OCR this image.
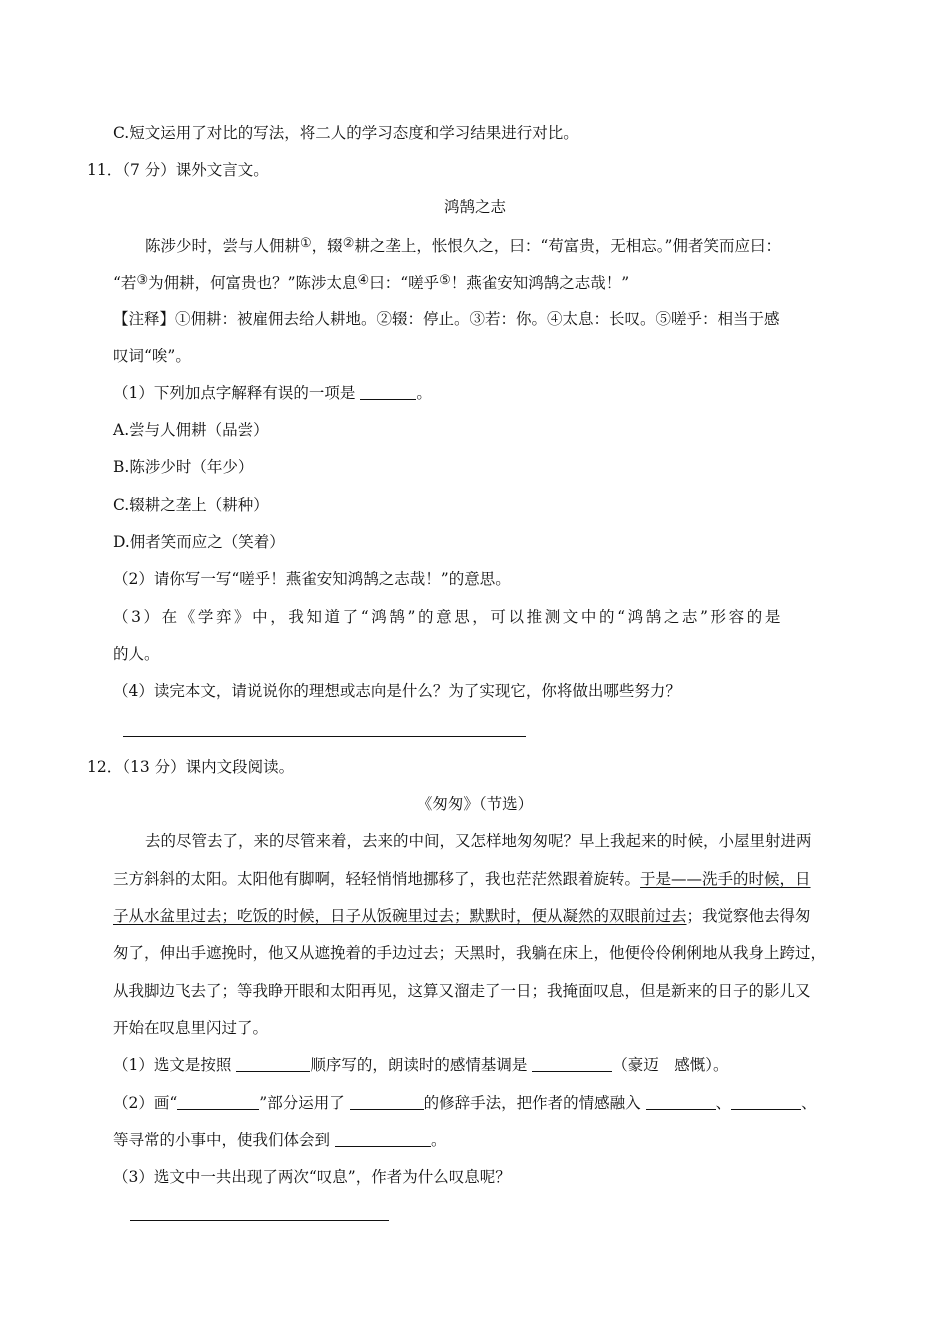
C.短文运用了对比的写法，将二人的学习态度和学习结果进行对比。
11．（7 分）课外文言文。
鸿鹄之志
陈涉少时，尝与人佣耕①，辍②耕之垄上，怅恨久之，曰：“苟富贵，无相忘。”佣者笑而应曰：
“若③为佣耕，何富贵也？”陈涉太息④曰：“嗟乎⑤！燕雀安知鸿鹄之志哉！”
【注释】①佣耕：被雇佣去给人耕地。②辍：停止。③若：你。④太息：长叹。⑤嗟乎：相当于感
叹词“唉”。
（1）下列加点字解释有误的一项是	。
A.尝与人佣耕（品尝）
B.陈涉少时（年少）
C.辍耕之垄上（耕种）
D.佣者笑而应之（笑着）
（2）请你写一写“嗟乎！燕雀安知鸿鹄之志哉！”的意思。
（3）在《学弈》中，我知道了“鸿鹄”的意思，可以推测文中的“鸿鹄之志”形容的是
的人。
（4）读完本文，请说说你的理想或志向是什么？为了实现它，你将做出哪些努力？
12．（13 分）课内文段阅读。
《匆匆》（节选）
去的尽管去了，来的尽管来着，去来的中间，又怎样地匆匆呢？早上我起来的时候，小屋里射进两
三方斜斜的太阳。太阳他有脚啊，轻轻悄悄地挪移了，我也茫茫然跟着旋转。于是——洗手的时候，日
子从水盆里过去；吃饭的时候，日子从饭碗里过去；默默时，便从凝然的双眼前过去；我觉察他去得匆
匆了，伸出手遮挽时，他又从遮挽着的手边过去；天黑时，我躺在床上，他便伶伶俐俐地从我身上跨过，
从我脚边飞去了；等我睁开眼和太阳再见，这算又溜走了一日；我掩面叹息，但是新来的日子的影儿又
开始在叹息里闪过了。
（1）选文是按照	顺序写的，朗读时的感情基调是	（豪迈　感慨）。
（2）画“	”部分运用了	的修辞手法，把作者的情感融入	、	、
等寻常的小事中，使我们体会到	。
（3）选文中一共出现了两次“叹息”，作者为什么叹息呢？
